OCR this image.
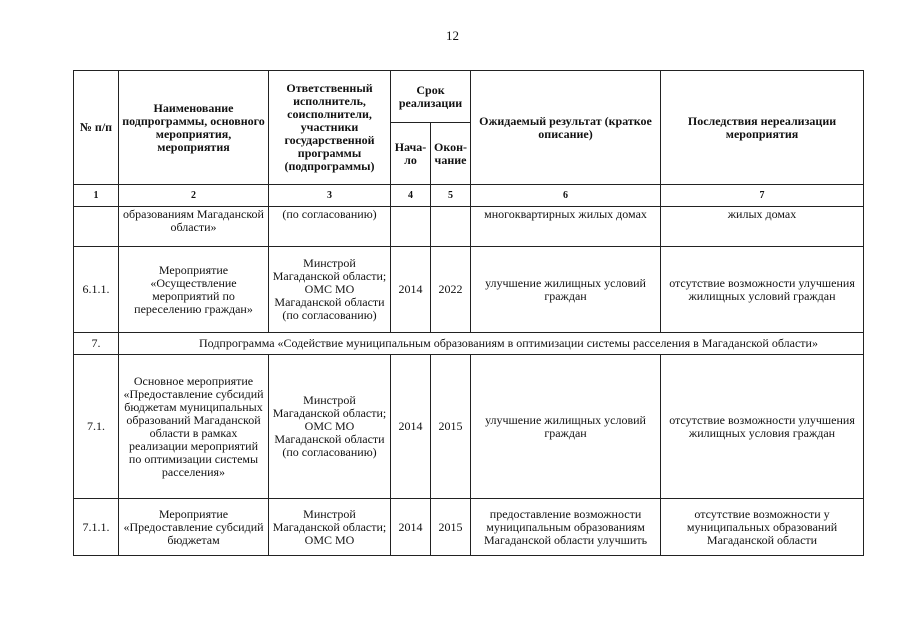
12
№ п/п	Наименование подпрограммы, основного мероприятия, мероприятия	Ответственный исполнитель, соисполнители, участники государственной программы (подпрограммы)	Срок реализации		Ожидаемый результат (краткое описание)	Последствия нереализации мероприятия
			Нача-ло	Окон-чание		
1	2	3	4	5	6	7
	образованиям Магаданской области»	(по согласованию)			многоквартирных жилых домах	жилых домах
6.1.1.	Мероприятие «Осуществление мероприятий по переселению граждан»	Минстрой Магаданской области; ОМС МО Магаданской области (по согласованию)	2014	2022	улучшение жилищных условий граждан	отсутствие возможности улучшения жилищных условий граждан
7.	Подпрограмма «Содействие муниципальным образованиям в оптимизации системы расселения в Магаданской области»					
7.1.	Основное мероприятие «Предоставление субсидий бюджетам муниципальных образований Магаданской области в рамках реализации мероприятий по оптимизации системы расселения»	Минстрой Магаданской области; ОМС МО Магаданской области (по согласованию)	2014	2015	улучшение жилищных условий граждан	отсутствие возможности улучшения жилищных условия граждан
7.1.1.	Мероприятие «Предоставление субсидий бюджетам	Минстрой Магаданской области; ОМС МО	2014	2015	предоставление возможности муниципальным образованиям Магаданской области улучшить	отсутствие возможности у муниципальных образований Магаданской области
